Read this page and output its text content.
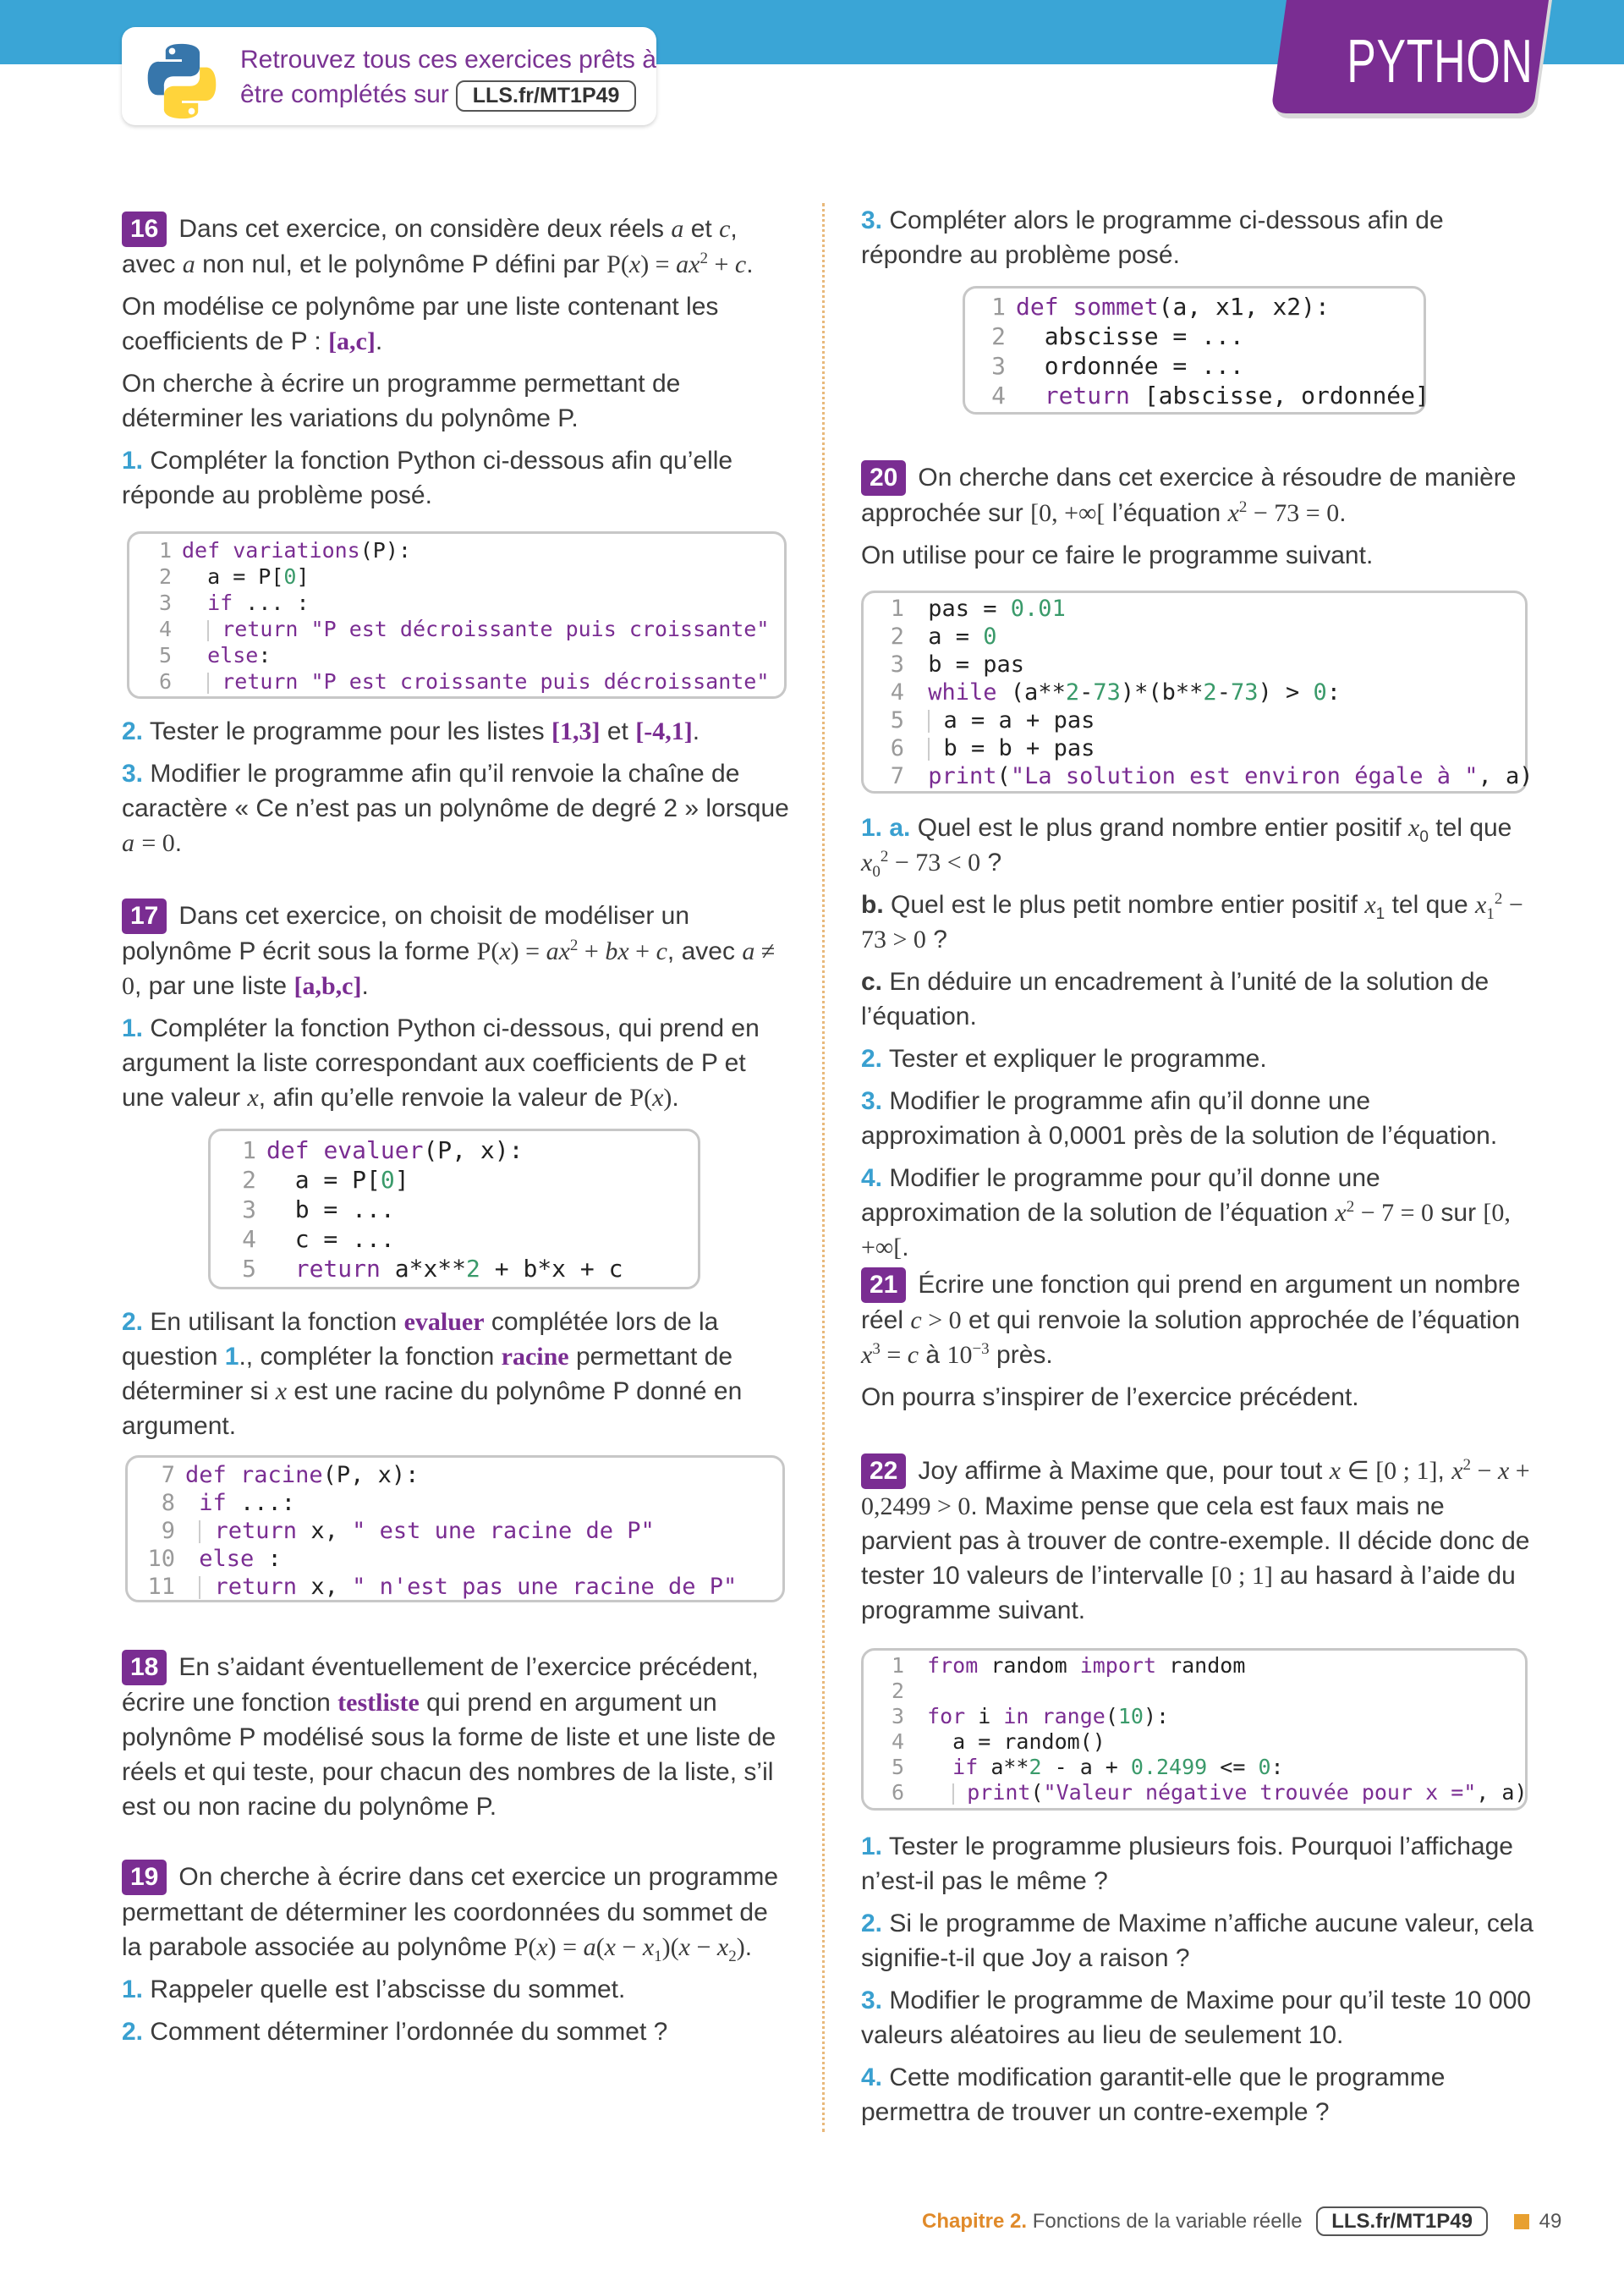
Retrouvez tous ces exercices prêts à
être complétés sur LLS.fr/MT1P49	PYTHON

16 Dans cet exercice, on considère deux réels a et c, avec a non nul, et le polynôme P défini par $P(x) = ax^2 + c$.

On modélise ce polynôme par une liste contenant les coefficients de P : [a,c].

On cherche à écrire un programme permettant de déterminer les variations du polynôme P.

1. Compléter la fonction Python ci-dessous afin qu’elle réponde au problème posé.

1 def variations(P):
2 a = P[0]
3	if ... :
4	return "P est décroissante puis croissante"
5	else:
6	return "P est croissante puis décroissante"

2. Tester le programme pour les listes [1,3] et [-4,1].

3. Modifier le programme afin qu’il renvoie la chaîne de caractère « Ce n’est pas un polynôme de degré 2 » lorsque a = 0.

17 Dans cet exercice, on choisit de modéliser un polynôme P écrit sous la forme $P(x) = ax^2$ + bx + c, avec a ≠ 0, par une liste [a,b,c].

1. Compléter la fonction Python ci-dessous, qui prend en argument la liste correspondant aux coefficients de P et une valeur x, afin qu’elle renvoie la valeur de P(x).

1 def evaluer(P, x):
2 a = P[0]
3 b = ...
4 c = ...
5	return a*x**2 + b*x + c

2. En utilisant la fonction evaluer complétée lors de la question 1., compléter la fonction racine permettant de déterminer si x est une racine du polynôme P donné en argument.

7 def racine(P, x):
8	if ...:
9	return x, " est une racine de P"
10	else :
11	return x, " n'est pas une racine de P"

18 En s’aidant éventuellement de l’exercice précédent, écrire une fonction testliste qui prend en argument un polynôme P modélisé sous la forme de liste et une liste de réels et qui teste, pour chacun des nombres de la liste, s’il est ou non racine du polynôme P.

19 On cherche à écrire dans cet exercice un programme permettant de déterminer les coordonnées du sommet de la parabole associée au polynôme $P(x) = a(x - x_1)(x - x_2)$.

1. Rappeler quelle est l’abscisse du sommet.

2. Comment déterminer l’ordonnée du sommet ?

3. Compléter alors le programme ci-dessous afin de répondre au problème posé.

1 def sommet(a, x1, x2):
2 abscisse = ...
3 ordonnée = ...
4	return [abscisse, ordonnée]

20 On cherche dans cet exercice à résoudre de manière approchée sur [0, +∞[ l’équation $x^2 - 73 = 0$.

On utilise pour ce faire le programme suivant.

1 pas = 0.01
2 a = 0
3 b = pas
4	while (a**2-73)*(b**2-73) > 0:
5	a = a + pas
6	b = b + pas
7	print("La solution est environ égale à ", a)

1. a. Quel est le plus grand nombre entier positif $x_0$ tel que $x_0^2 - 73 < 0$ ?

b. Quel est le plus petit nombre entier positif $x_1$ tel que $x_1^2 - 73 > 0$ ?

c. En déduire un encadrement à l’unité de la solution de l’équation.

2. Tester et expliquer le programme.

3. Modifier le programme afin qu’il donne une approximation à 0,0001 près de la solution de l’équation.

4. Modifier le programme pour qu’il donne une approximation de la solution de l’équation $x^2 - 7 = 0$ sur [0, +∞[.

21 Écrire une fonction qui prend en argument un nombre réel c > 0 et qui renvoie la solution approchée de l’équation $x^3 = c$ à $10^{-3}$ près.

On pourra s’inspirer de l’exercice précédent.

22 Joy affirme à Maxime que, pour tout x ∈ [0 ; 1], $x^2 - x + 0,2499 > 0$. Maxime pense que cela est faux mais ne parvient pas à trouver de contre-exemple. Il décide donc de tester 10 valeurs de l’intervalle [0 ; 1] au hasard à l’aide du programme suivant.

1	from random import random
2

3	for i in range(10):
4 a = random()
5	if a**2 - a + 0.2499 <= 0:
6	print("Valeur négative trouvée pour x =", a)

1. Tester le programme plusieurs fois. Pourquoi l’affichage n’est-il pas le même ?

2. Si le programme de Maxime n’affiche aucune valeur, cela signifie-t-il que Joy a raison ?

3. Modifier le programme de Maxime pour qu’il teste 10 000 valeurs aléatoires au lieu de seulement 10.

4. Cette modification garantit-elle que le programme permettra de trouver un contre-exemple ?

Chapitre 2. Fonctions de la variable réelle LLS.fr/MT1P49	49
